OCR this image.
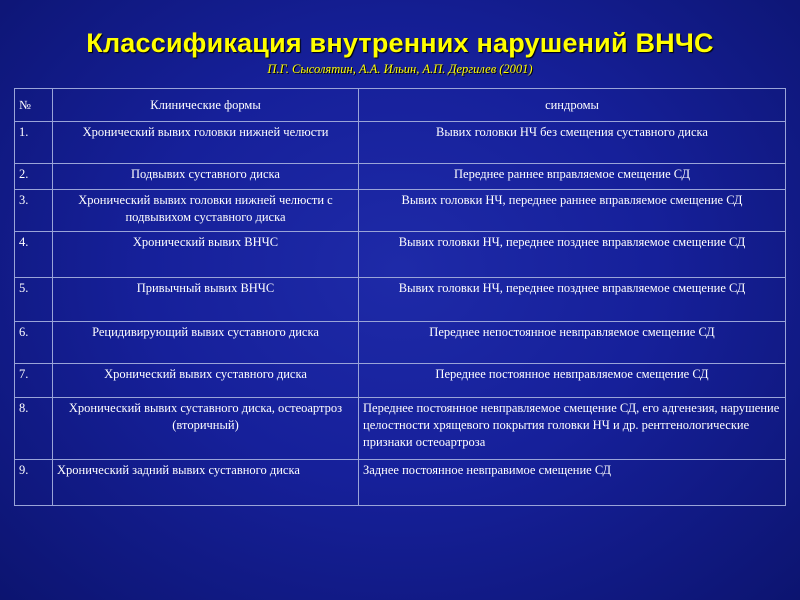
Классификация внутренних нарушений ВНЧС
П.Г. Сысолятин, А.А. Ильин, А.П. Дергилев (2001)
№	Клинические формы	синдромы
1.	Хронический вывих головки нижней челюсти	Вывих головки НЧ без смещения суставного диска
2.	Подвывих суставного диска	Переднее раннее вправляемое смещение СД
3.	Хронический вывих головки нижней челюсти с подвывихом суставного диска	Вывих головки НЧ, переднее раннее вправляемое смещение СД
4.	Хронический вывих ВНЧС	Вывих головки НЧ, переднее позднее вправляемое смещение СД
5.	Привычный вывих ВНЧС	Вывих головки НЧ, переднее позднее вправляемое смещение СД
6.	Рецидивирующий вывих суставного диска	Переднее непостоянное невправляемое смещение СД
7.	Хронический вывих суставного диска	Переднее постоянное невправляемое смещение СД
8.	Хронический вывих суставного диска, остеоартроз (вторичный)	Переднее постоянное невправляемое смещение СД, его адгенезия, нарушение целостности хрящевого покрытия головки НЧ и др. рентгенологические признаки остеоартроза
9.	Хронический задний вывих суставного диска	Заднее постоянное невправимое смещение СД
